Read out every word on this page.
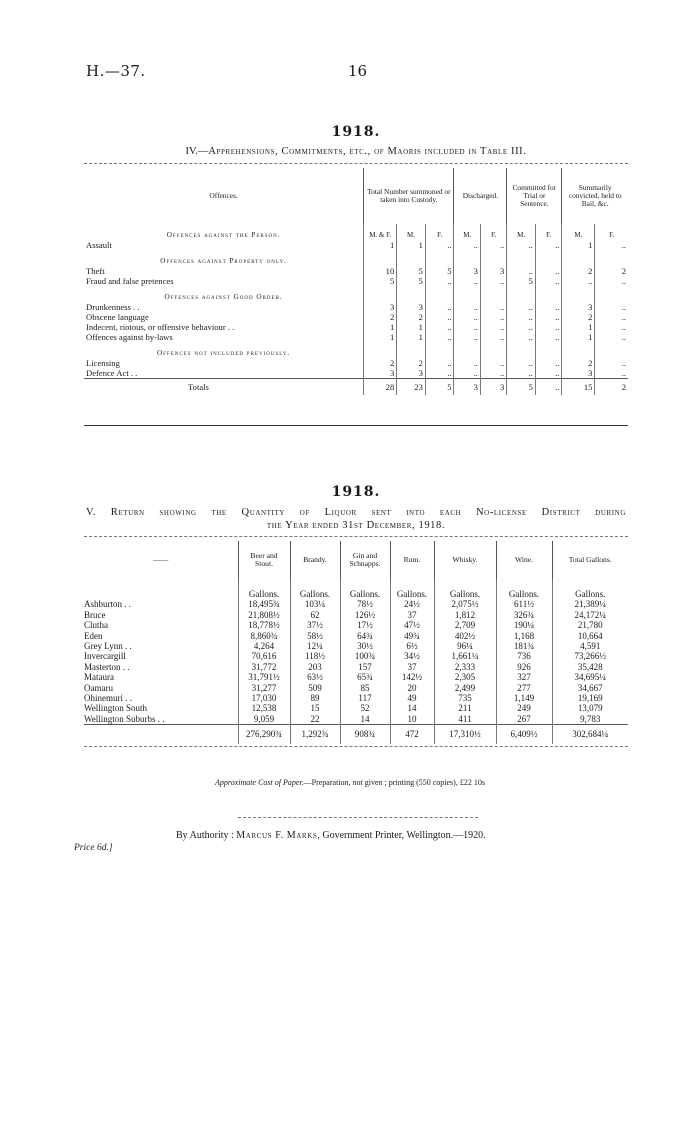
H.—37.	16
1918.
IV.—Apprehensions, Commitments, etc., of Maoris included in Table III.
Offences.	Total Number summoned or taken into Custody.			Discharged.		Committed for Trial or Sentence.		Summarily convicted, held to Bail, &c.	
Offences against the Person.	M. & F.	M.	F.	M.	F.	M.	F.	M.	F.
Assault	1	1	..	..	..	..	..	1	..
Offences against Property only.									
Theft	10	5	5	3	3	..	..	2	2
Fraud and false pretences	5	5	..	..	..	5	..	..	..
Offences against Good Order.									
Drunkenness . .	3	3	..	..	..	..	..	3	..
Obscene language	2	2	..	..	..	..	..	2	..
Indecent, riotous, or offensive behaviour . .	1	1	..	..	..	..	..	1	..
Offences against by-laws	1	1	..	..	..	..	..	1	..
Offences not included previously.									
Licensing	2	2	..	..	..	..	..	2	..
Defence Act . .	3	3	..	..	..	..	..	3	..
Totals	28	23	5	3	3	5	..	15	2
1918.
V. Return showing the Quantity of Liquor sent into each No-license District during
the Year ended 31st December, 1918.
——	Beer and Stout.	Brandy.	Gin and Schnapps.	Rum.	Whisky.	Wine.	Total Gallons.
	Gallons.	Gallons.	Gallons.	Gallons.	Gallons.	Gallons.	Gallons.
Ashburton . .	18,495¾	103¼	78½	24½	2,075½	611½	21,389¼
Bruce	21,808½	62	126½	37	1,812	326¾	24,172¼
Clutha	18,778½	37½	17½	47½	2,709	190¼	21,780
Eden	8,860¾	58½	64¾	49¾	402½	1,168	10,664
Grey Lynn . .	4,264	12¼	30½	6½	96¼	181¾	4,591
Invercargill	70,616	118½	100¾	34½	1,661¼	736	73,266½
Masterton . .	31,772	203	157	37	2,333	926	35,428
Mataura	31,791½	63½	65¾	142½	2,305	327	34,695¼
Oamaru	31,277	509	85	20	2,499	277	34,667
Ohinemuri . .	17,030	89	117	49	735	1,149	19,169
Wellington South	12,538	15	52	14	211	249	13,079
Wellington Suburbs . .	9,059	22	14	10	411	267	9,783
	276,290¾	1,292¾	908¾	472	17,310½	6,409½	302,684¼
Approximate Cost of Paper.—Preparation, not given ; printing (550 copies), £22 10s
By Authority : Marcus F. Marks, Government Printer, Wellington.—1920.
Price 6d.]
